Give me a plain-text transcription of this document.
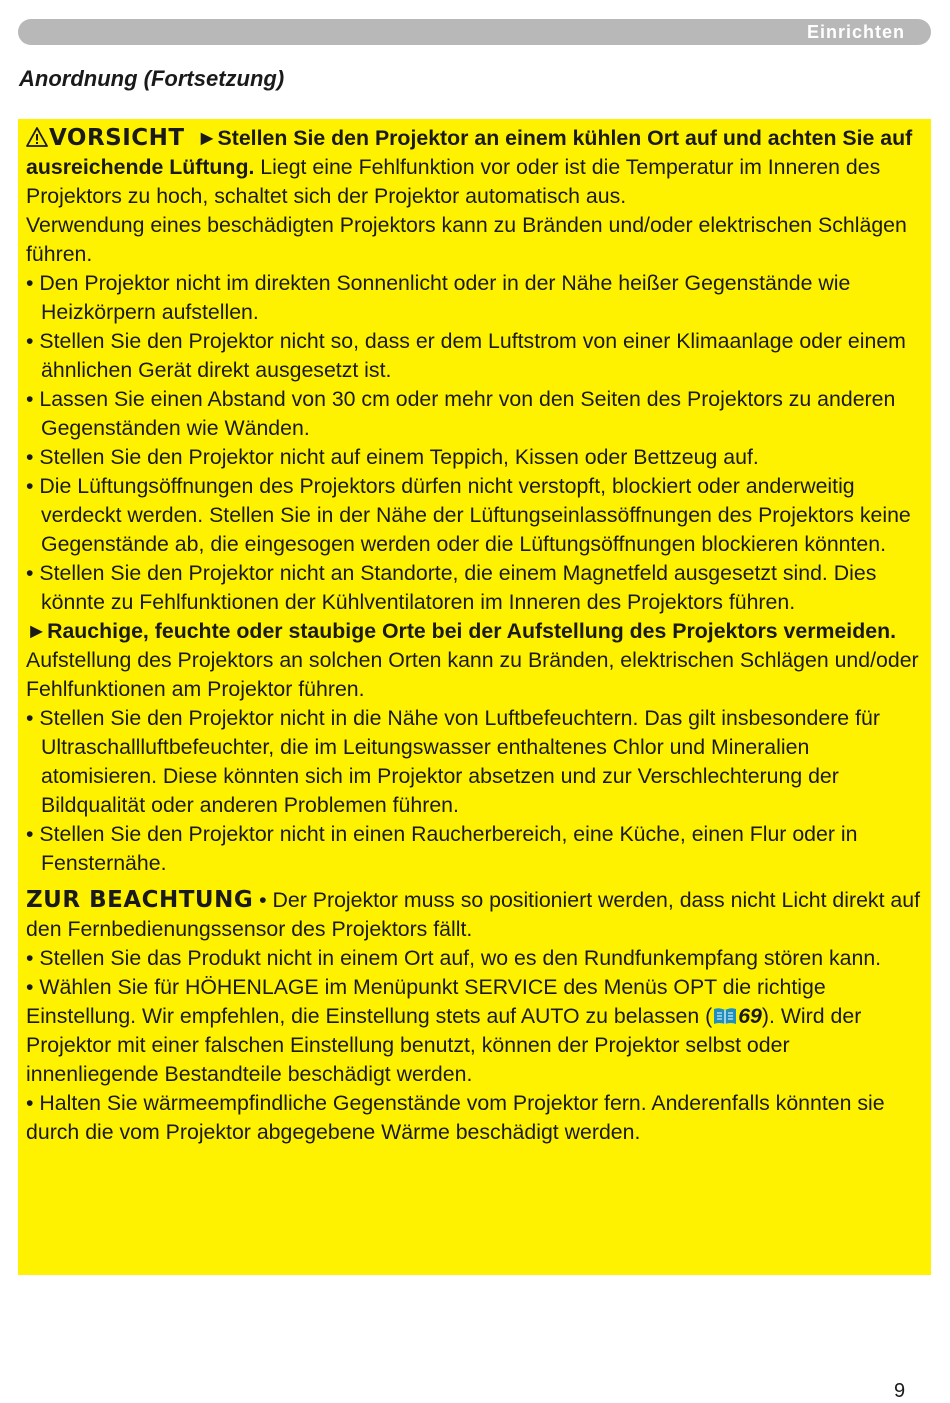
Einrichten
Anordnung (Fortsetzung)

VORSICHT ►Stellen Sie den Projektor an einem kühlen Ort auf und achten Sie auf ausreichende Lüftung. Liegt eine Fehlfunktion vor oder ist die Temperatur im Inneren des Projektors zu hoch, schaltet sich der Projektor automatisch aus.

Verwendung eines beschädigten Projektors kann zu Bränden und/oder elektrischen Schlägen führen.

• Den Projektor nicht im direkten Sonnenlicht oder in der Nähe heißer Gegenstände wie Heizkörpern aufstellen.

• Stellen Sie den Projektor nicht so, dass er dem Luftstrom von einer Klimaanlage oder einem ähnlichen Gerät direkt ausgesetzt ist.

• Lassen Sie einen Abstand von 30 cm oder mehr von den Seiten des Projektors zu anderen Gegenständen wie Wänden.

• Stellen Sie den Projektor nicht auf einem Teppich, Kissen oder Bettzeug auf.

• Die Lüftungsöffnungen des Projektors dürfen nicht verstopft, blockiert oder anderweitig verdeckt werden. Stellen Sie in der Nähe der Lüftungseinlassöffnungen des Projektors keine Gegenstände ab, die eingesogen werden oder die Lüftungsöffnungen blockieren könnten.

• Stellen Sie den Projektor nicht an Standorte, die einem Magnetfeld ausgesetzt sind. Dies könnte zu Fehlfunktionen der Kühlventilatoren im Inneren des Projektors führen.

►Rauchige, feuchte oder staubige Orte bei der Aufstellung des Projektors vermeiden. Aufstellung des Projektors an solchen Orten kann zu Bränden, elektrischen Schlägen und/oder Fehlfunktionen am Projektor führen.

• Stellen Sie den Projektor nicht in die Nähe von Luftbefeuchtern. Das gilt insbesondere für Ultraschallluftbefeuchter, die im Leitungswasser enthaltenes Chlor und Mineralien atomisieren. Diese könnten sich im Projektor absetzen und zur Verschlechterung der Bildqualität oder anderen Problemen führen.

• Stellen Sie den Projektor nicht in einen Raucherbereich, eine Küche, einen Flur oder in Fensternähe.

ZUR BEACHTUNG • Der Projektor muss so positioniert werden, dass nicht Licht direkt auf den Fernbedienungssensor des Projektors fällt.

• Stellen Sie das Produkt nicht in einem Ort auf, wo es den Rundfunkempfang stören kann.

• Wählen Sie für HÖHENLAGE im Menüpunkt SERVICE des Menüs OPT die richtige Einstellung. Wir empfehlen, die Einstellung stets auf AUTO zu belassen ( 69). Wird der Projektor mit einer falschen Einstellung benutzt, können der Projektor selbst oder innenliegende Bestandteile beschädigt werden.

• Halten Sie wärmeempfindliche Gegenstände vom Projektor fern. Anderenfalls könnten sie durch die vom Projektor abgegebene Wärme beschädigt werden.

9
